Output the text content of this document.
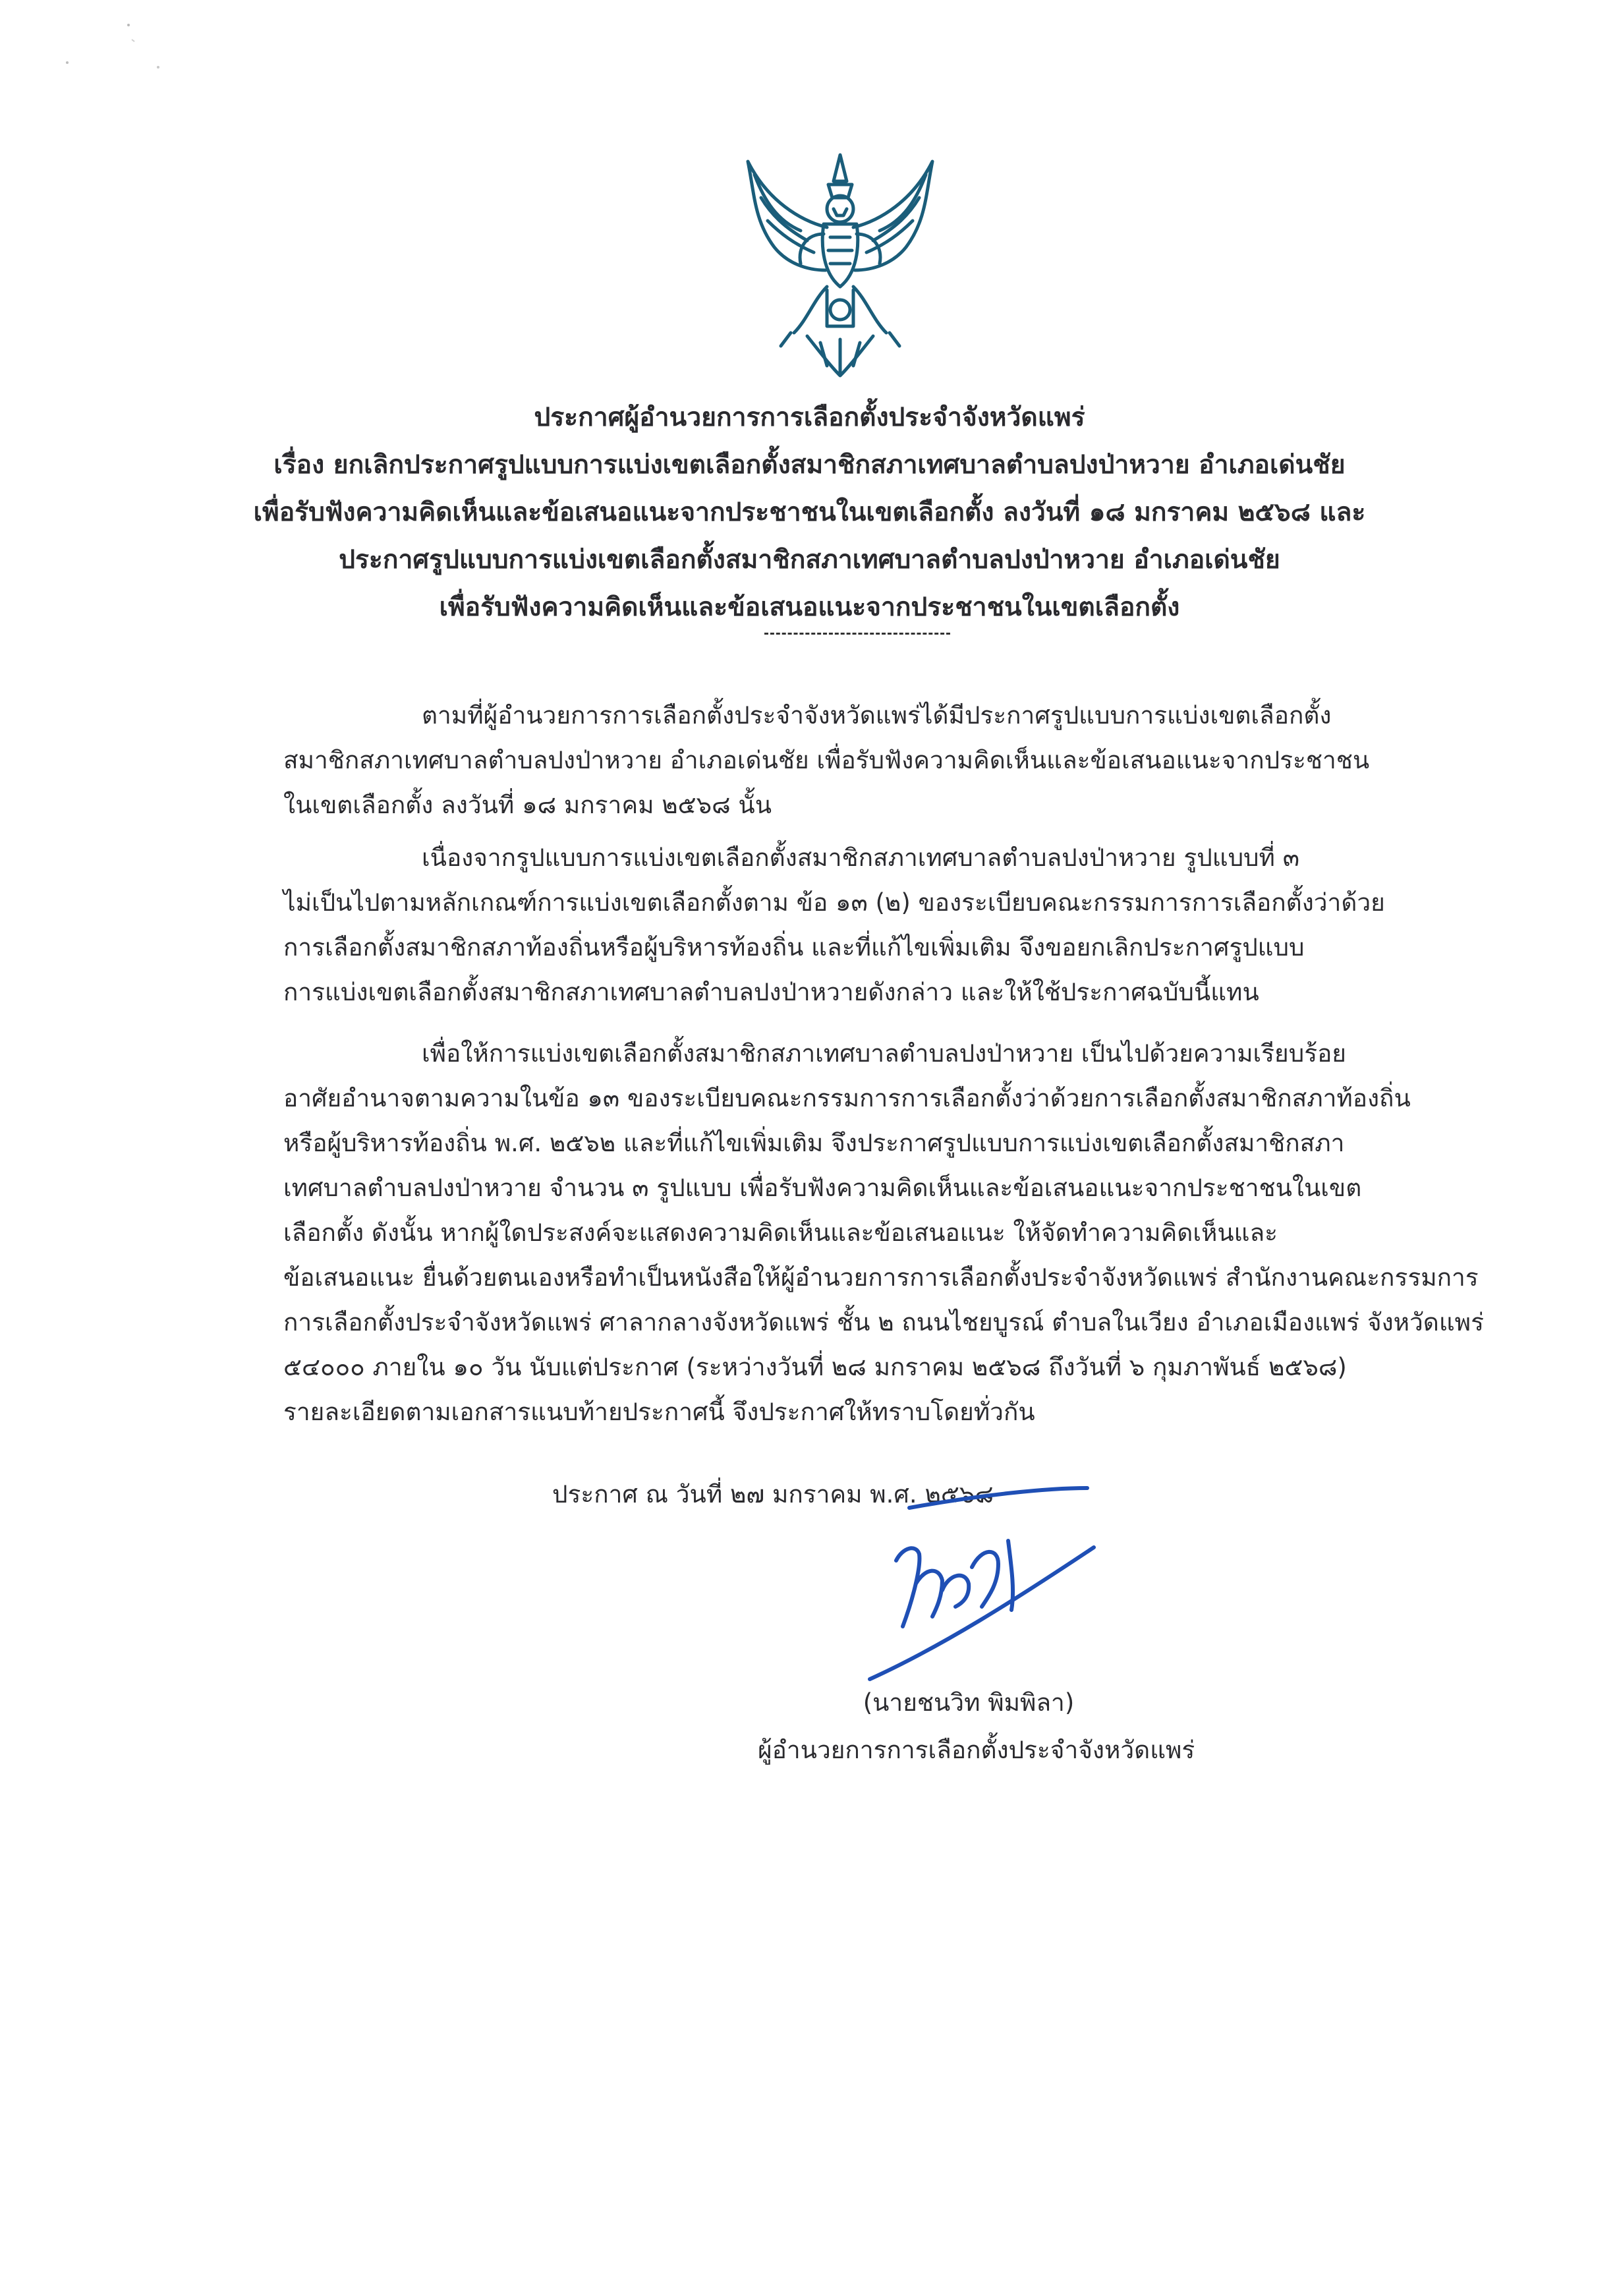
ประกาศผู้อำนวยการการเลือกตั้งประจำจังหวัดแพร่
เรื่อง ยกเลิกประกาศรูปแบบการแบ่งเขตเลือกตั้งสมาชิกสภาเทศบาลตำบลปงป่าหวาย อำเภอเด่นชัย
เพื่อรับฟังความคิดเห็นและข้อเสนอแนะจากประชาชนในเขตเลือกตั้ง ลงวันที่ ๑๘ มกราคม ๒๕๖๘ และ
ประกาศรูปแบบการแบ่งเขตเลือกตั้งสมาชิกสภาเทศบาลตำบลปงป่าหวาย อำเภอเด่นชัย
เพื่อรับฟังความคิดเห็นและข้อเสนอแนะจากประชาชนในเขตเลือกตั้ง
ตามที่ผู้อำนวยการการเลือกตั้งประจำจังหวัดแพร่ได้มีประกาศรูปแบบการแบ่งเขตเลือกตั้ง
สมาชิกสภาเทศบาลตำบลปงป่าหวาย อำเภอเด่นชัย เพื่อรับฟังความคิดเห็นและข้อเสนอแนะจากประชาชน
ในเขตเลือกตั้ง ลงวันที่ ๑๘ มกราคม ๒๕๖๘ นั้น
เนื่องจากรูปแบบการแบ่งเขตเลือกตั้งสมาชิกสภาเทศบาลตำบลปงป่าหวาย รูปแบบที่ ๓
ไม่เป็นไปตามหลักเกณฑ์การแบ่งเขตเลือกตั้งตาม ข้อ ๑๓ (๒) ของระเบียบคณะกรรมการการเลือกตั้งว่าด้วย
การเลือกตั้งสมาชิกสภาท้องถิ่นหรือผู้บริหารท้องถิ่น และที่แก้ไขเพิ่มเติม จึงขอยกเลิกประกาศรูปแบบ
การแบ่งเขตเลือกตั้งสมาชิกสภาเทศบาลตำบลปงป่าหวายดังกล่าว และให้ใช้ประกาศฉบับนี้แทน
เพื่อให้การแบ่งเขตเลือกตั้งสมาชิกสภาเทศบาลตำบลปงป่าหวาย เป็นไปด้วยความเรียบร้อย
อาศัยอำนาจตามความในข้อ ๑๓ ของระเบียบคณะกรรมการการเลือกตั้งว่าด้วยการเลือกตั้งสมาชิกสภาท้องถิ่น
หรือผู้บริหารท้องถิ่น พ.ศ. ๒๕๖๒ และที่แก้ไขเพิ่มเติม จึงประกาศรูปแบบการแบ่งเขตเลือกตั้งสมาชิกสภา
เทศบาลตำบลปงป่าหวาย จำนวน ๓ รูปแบบ เพื่อรับฟังความคิดเห็นและข้อเสนอแนะจากประชาชนในเขต
เลือกตั้ง ดังนั้น หากผู้ใดประสงค์จะแสดงความคิดเห็นและข้อเสนอแนะ ให้จัดทำความคิดเห็นและ
ข้อเสนอแนะ ยื่นด้วยตนเองหรือทำเป็นหนังสือให้ผู้อำนวยการการเลือกตั้งประจำจังหวัดแพร่ สำนักงานคณะกรรมการ
การเลือกตั้งประจำจังหวัดแพร่ ศาลากลางจังหวัดแพร่ ชั้น ๒ ถนนไชยบูรณ์ ตำบลในเวียง อำเภอเมืองแพร่ จังหวัดแพร่
๕๔๐๐๐ ภายใน ๑๐ วัน นับแต่ประกาศ (ระหว่างวันที่ ๒๘ มกราคม ๒๕๖๘ ถึงวันที่ ๖ กุมภาพันธ์ ๒๕๖๘)
รายละเอียดตามเอกสารแนบท้ายประกาศนี้ จึงประกาศให้ทราบโดยทั่วกัน
ประกาศ ณ วันที่ ๒๗ มกราคม พ.ศ. ๒๕๖๘
(นายชนวิท พิมพิลา)
ผู้อำนวยการการเลือกตั้งประจำจังหวัดแพร่
